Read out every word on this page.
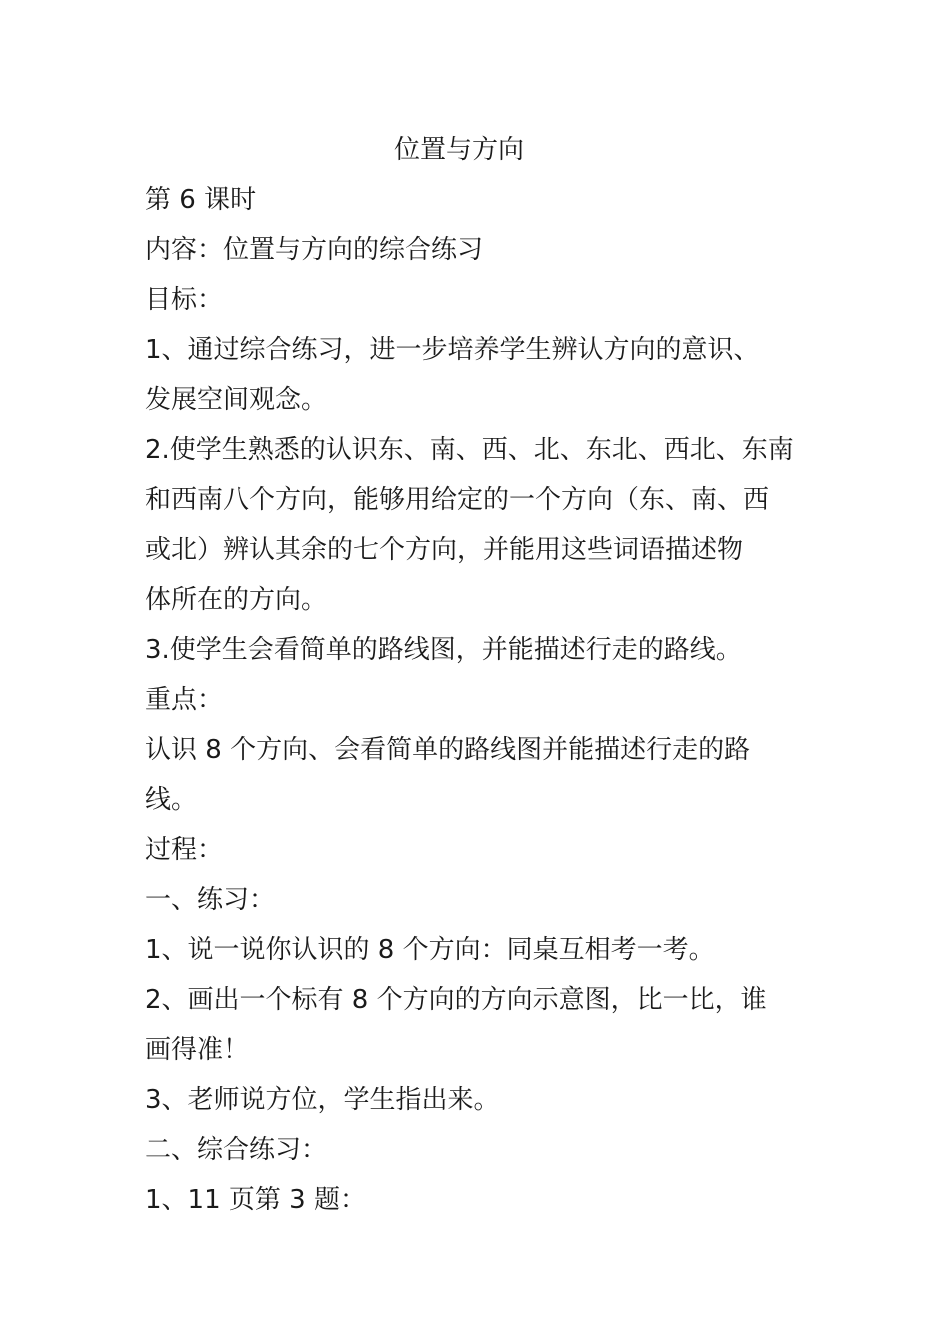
位置与方向

第 6 课时

内容：位置与方向的综合练习

目标：

1、通过综合练习，进一步培养学生辨认方向的意识、

发展空间观念。

2.使学生熟悉的认识东、南、西、北、东北、西北、东南

和西南八个方向，能够用给定的一个方向（东、南、西

或北）辨认其余的七个方向，并能用这些词语描述物

体所在的方向。

3.使学生会看简单的路线图，并能描述行走的路线。

重点：

认识 8 个方向、会看简单的路线图并能描述行走的路

线。

过程：

一、练习：

1、说一说你认识的 8 个方向：同桌互相考一考。

2、画出一个标有 8 个方向的方向示意图，比一比，谁

画得准！

3、老师说方位，学生指出来。

二、综合练习：

1、11 页第 3 题：
